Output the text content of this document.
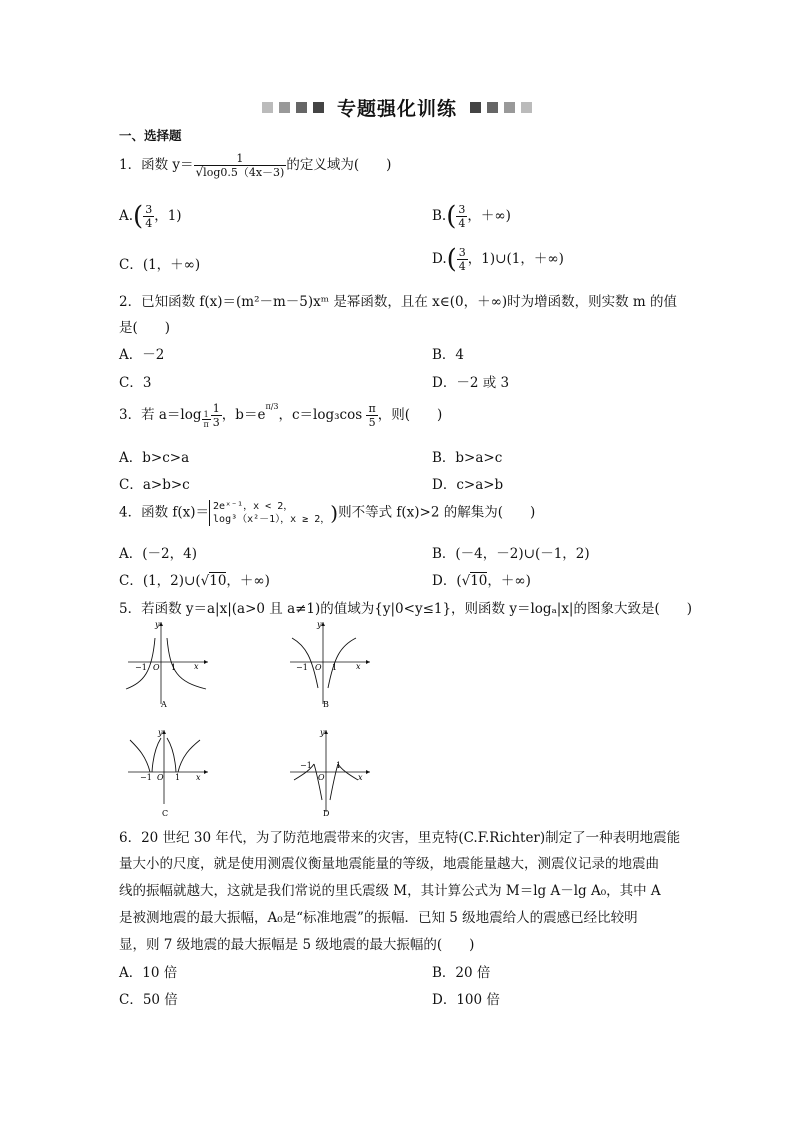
专题强化训练
一、选择题
1．函数 $y= \frac{1}{√\log 0.5(4x-3)}$ 的定义域为(　　)
$A.( \frac{3}{4}$ ，1)	$B.( \frac{3}{4}$ ，＋∞)
C．(1，＋∞)	$D.( \frac{3}{4}$ ，1)∪(1，＋∞)
2．已知函数 f(x)＝(m²－m－5)xᵐ 是幂函数，且在 x∈(0，＋∞)时为增函数，则实数 m 的值
是(　　)
A．－2	B．4
C．3	D．－2 或 3
3．若 $a=\log \frac{1}{\pi} \frac{1}{3}$ ，$b=e^{\pi/3}$，$c=\log_3\cos \frac{\pi}{5}$ ，则(　　)
A．b>c>a	B．b>a>c
C．a>b>c	D．c>a>b
4．函数 f(x)＝ 2eˣ⁻¹，x < 2，
log³（x²－1），x ≥ 2， )则不等式 f(x)>2 的解集为(　　)
A．(－2，4)	B．(－4，－2)∪(－1，2)
C．(1，2)∪(√10，＋∞)	D．(√10，＋∞)
5．若函数 y＝a|x|(a>0 且 a≠1)的值域为{y|0<y≤1}，则函数 y＝logₐ|x|的图象大致是(　　)
−1 O 1 x
y
A
−1 O 1 x
y
B
−1 O 1 x
y
C
−1
O
1
x
y
D
6．20 世纪 30 年代，为了防范地震带来的灾害，里克特(C.F.Richter)制定了一种表明地震能
量大小的尺度，就是使用测震仪衡量地震能量的等级，地震能量越大，测震仪记录的地震曲
线的振幅就越大，这就是我们常说的里氏震级 M，其计算公式为 M＝lg A－lg A₀，其中 A
是被测地震的最大振幅，A₀是“标准地震”的振幅．已知 5 级地震给人的震感已经比较明
显，则 7 级地震的最大振幅是 5 级地震的最大振幅的(　　)
A．10 倍	B．20 倍
C．50 倍	D．100 倍
